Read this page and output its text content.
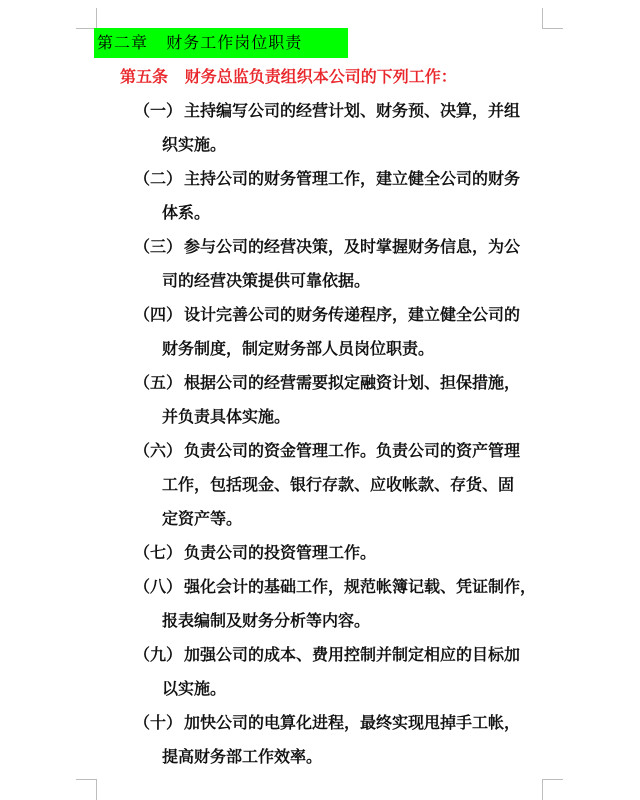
第二章   财务工作岗位职责
第五条   财务总监负责组织本公司的下列工作：
（一） 主持编写公司的经营计划、财务预、决算，并组
织实施。
（二） 主持公司的财务管理工作，建立健全公司的财务
体系。
（三） 参与公司的经营决策，及时掌握财务信息，为公
司的经营决策提供可靠依据。
（四） 设计完善公司的财务传递程序，建立健全公司的
财务制度，制定财务部人员岗位职责。
（五） 根据公司的经营需要拟定融资计划、担保措施，
并负责具体实施。
（六） 负责公司的资金管理工作。负责公司的资产管理
工作，包括现金、银行存款、应收帐款、存货、固
定资产等。
（七） 负责公司的投资管理工作。
（八） 强化会计的基础工作，规范帐簿记载、凭证制作，
报表编制及财务分析等内容。
（九） 加强公司的成本、费用控制并制定相应的目标加
以实施。
（十） 加快公司的电算化进程，最终实现甩掉手工帐，
提高财务部工作效率。
